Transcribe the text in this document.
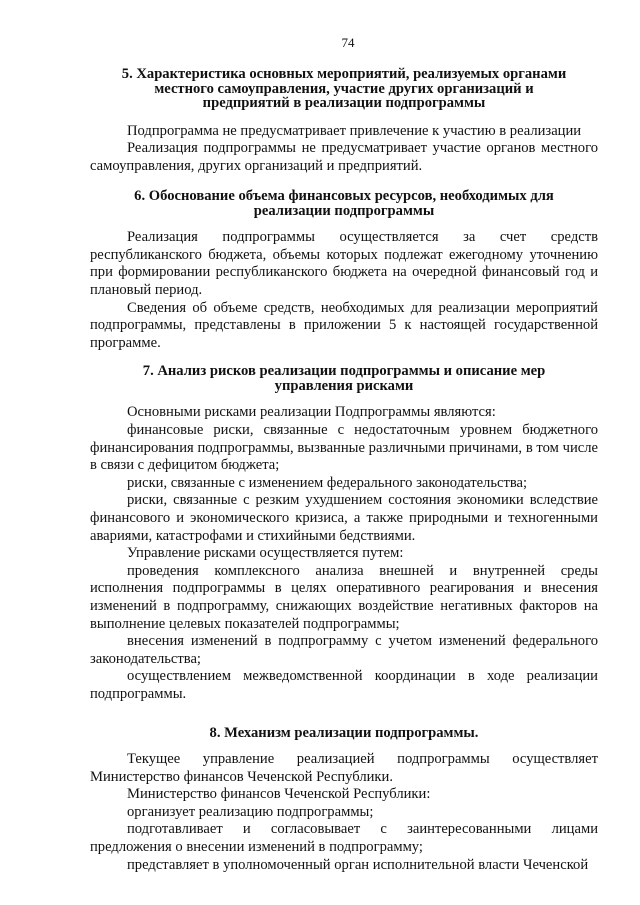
74
5. Характеристика основных мероприятий, реализуемых органами
местного самоуправления, участие других организаций и
предприятий в реализации подпрограммы

Подпрограмма не предусматривает привлечение к участию в реализации

Реализация подпрограммы не предусматривает участие органов местного самоуправления, других организаций и предприятий.

6. Обоснование объема финансовых ресурсов, необходимых для
реализации подпрограммы

Реализация подпрограммы осуществляется за счет средств республиканского бюджета, объемы которых подлежат ежегодному уточнению при формировании республиканского бюджета на очередной финансовый год и плановый период.

Сведения об объеме средств, необходимых для реализации мероприятий подпрограммы, представлены в приложении 5 к настоящей государственной программе.

7. Анализ рисков реализации подпрограммы и описание мер
управления рисками

Основными рисками реализации Подпрограммы являются:

финансовые риски, связанные с недостаточным уровнем бюджетного финансирования подпрограммы, вызванные различными причинами, в том числе в связи с дефицитом бюджета;

риски, связанные с изменением федерального законодательства;

риски, связанные с резким ухудшением состояния экономики вследствие финансового и экономического кризиса, а также природными и техногенными авариями, катастрофами и стихийными бедствиями.

Управление рисками осуществляется путем:

проведения комплексного анализа внешней и внутренней среды исполнения подпрограммы в целях оперативного реагирования и внесения изменений в подпрограмму, снижающих воздействие негативных факторов на выполнение целевых показателей подпрограммы;

внесения изменений в подпрограмму с учетом изменений федерального законодательства;

осуществлением межведомственной координации в ходе реализации подпрограммы.

8. Механизм реализации подпрограммы.

Текущее управление реализацией подпрограммы осуществляет Министерство финансов Чеченской Республики.

Министерство финансов Чеченской Республики:

организует реализацию подпрограммы;

подготавливает и согласовывает с заинтересованными лицами предложения о внесении изменений в подпрограмму;

представляет в уполномоченный орган исполнительной власти Чеченской
